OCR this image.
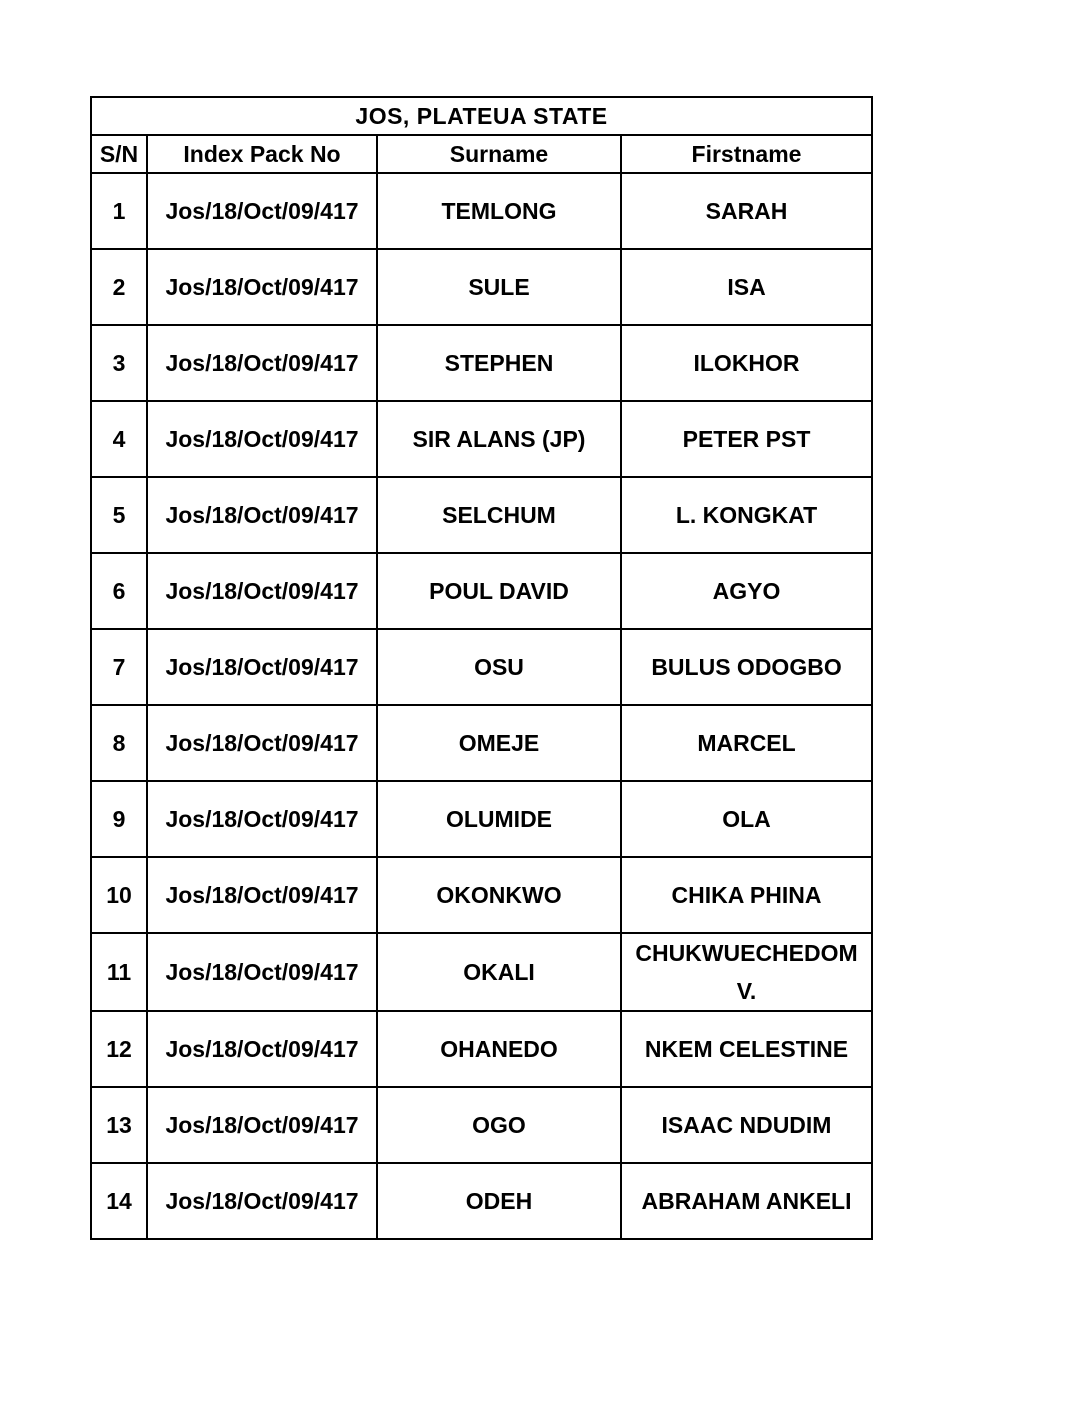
JOS, PLATEUA STATE			
S/N	Index Pack No	Surname	Firstname
1	Jos/18/Oct/09/417	TEMLONG	SARAH
2	Jos/18/Oct/09/417	SULE	ISA
3	Jos/18/Oct/09/417	STEPHEN	ILOKHOR
4	Jos/18/Oct/09/417	SIR ALANS (JP)	PETER PST
5	Jos/18/Oct/09/417	SELCHUM	L. KONGKAT
6	Jos/18/Oct/09/417	POUL DAVID	AGYO
7	Jos/18/Oct/09/417	OSU	BULUS ODOGBO
8	Jos/18/Oct/09/417	OMEJE	MARCEL
9	Jos/18/Oct/09/417	OLUMIDE	OLA
10	Jos/18/Oct/09/417	OKONKWO	CHIKA PHINA
11	Jos/18/Oct/09/417	OKALI	CHUKWUECHEDOM V.
12	Jos/18/Oct/09/417	OHANEDO	NKEM CELESTINE
13	Jos/18/Oct/09/417	OGO	ISAAC NDUDIM
14	Jos/18/Oct/09/417	ODEH	ABRAHAM ANKELI
